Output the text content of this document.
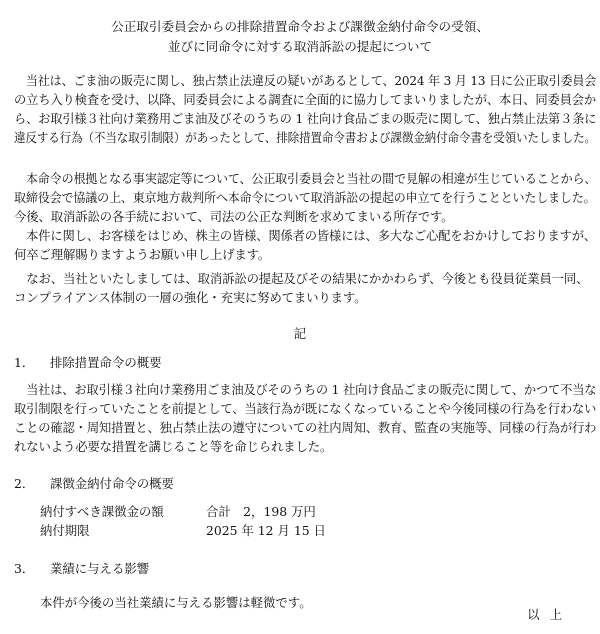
公正取引委員会からの排除措置命令および課徴金納付命令の受領、
並びに同命令に対する取消訴訟の提起について
　当社は、ごま油の販売に関し、独占禁止法違反の疑いがあるとして、2024 年 3 月 13 日に公正取引委員会
の立ち入り検査を受け、以降、同委員会による調査に全面的に協力してまいりましたが、本日、同委員会か
ら、お取引様３社向け業務用ごま油及びそのうちの 1 社向け食品ごまの販売に関して、独占禁止法第３条に
違反する行為（不当な取引制限）があったとして、排除措置命令書および課徴金納付命令書を受領いたしました。
　本命令の根拠となる事実認定等について、公正取引委員会と当社の間で見解の相違が生じていることから、
取締役会で協議の上、東京地方裁判所へ本命令について取消訴訟の提起の申立てを行うことといたしました。
今後、取消訴訟の各手続において、司法の公正な判断を求めてまいる所存です。
　本件に関し、お客様をはじめ、株主の皆様、関係者の皆様には、多大なご心配をおかけしておりますが、
何卒ご理解賜りますようお願い申し上げます。
　なお、当社といたしましては、取消訴訟の提起及びその結果にかかわらず、今後とも役員従業員一同、
コンプライアンス体制の一層の強化・充実に努めてまいります。
記
1． 排除措置命令の概要
　当社は、お取引様３社向け業務用ごま油及びそのうちの 1 社向け食品ごまの販売に関して、かつて不当な
取引制限を行っていたことを前提として、当該行為が既になくなっていることや今後同様の行為を行わない
ことの確認・周知措置と、独占禁止法の遵守についての社内周知、教育、監査の実施等、同様の行為が行わ
れないよう必要な措置を講じること等を命じられました。
2． 課徴金納付命令の概要
納付すべき課徴金の額	合計　2，198 万円
納付期限	2025 年 12 月 15 日
3． 業績に与える影響
本件が今後の当社業績に与える影響は軽微です。
以上
